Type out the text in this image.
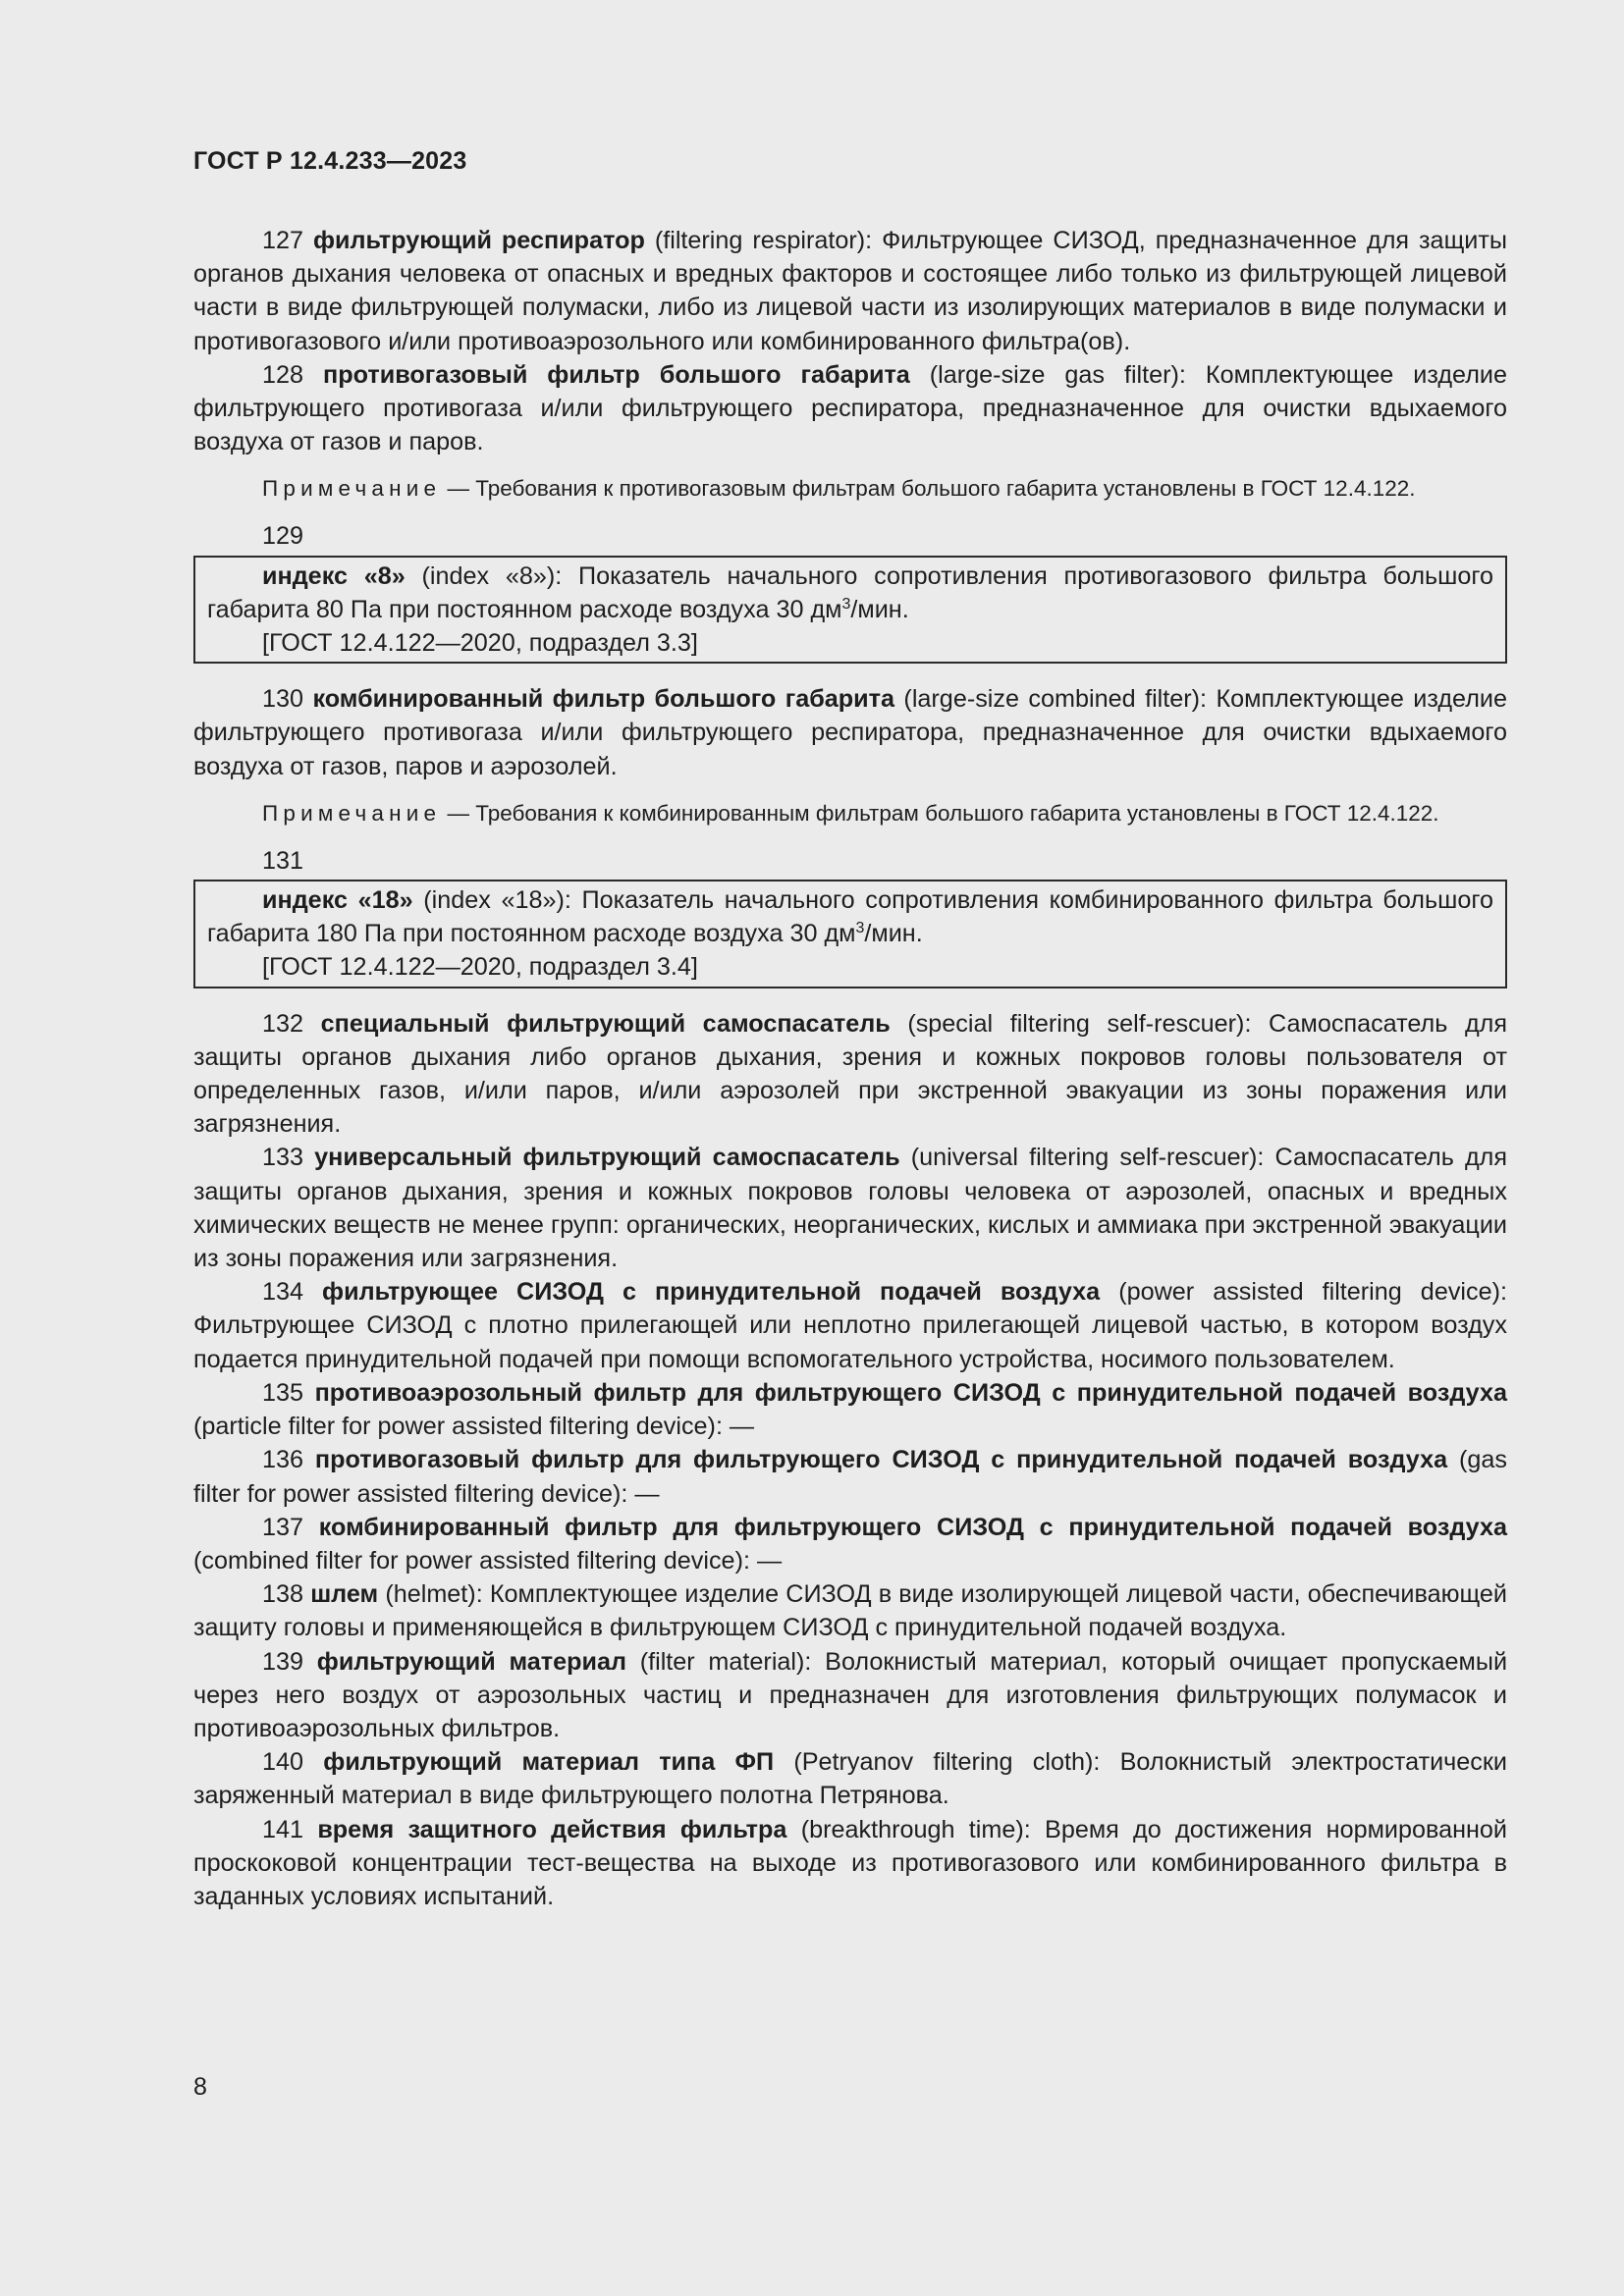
ГОСТ Р 12.4.233—2023

127 фильтрующий респиратор (filtering respirator): Фильтрующее СИЗОД, предназначенное для защиты органов дыхания человека от опасных и вредных факторов и состоящее либо только из фильтрующей лицевой части в виде фильтрующей полумаски, либо из лицевой части из изолирующих материалов в виде полумаски и противогазового и/или противоаэрозольного или комбинированного фильтра(ов).

128 противогазовый фильтр большого габарита (large-size gas filter): Комплектующее изделие фильтрующего противогаза и/или фильтрующего респиратора, предназначенное для очистки вдыхаемого воздуха от газов и паров.

Примечание — Требования к противогазовым фильтрам большого габарита установлены в ГОСТ 12.4.122.

129

индекс «8» (index «8»): Показатель начального сопротивления противогазового фильтра большого габарита 80 Па при постоянном расходе воздуха 30 $дм^3$/мин.

[ГОСТ 12.4.122—2020, подраздел 3.3]

130 комбинированный фильтр большого габарита (large-size combined filter): Комплектующее изделие фильтрующего противогаза и/или фильтрующего респиратора, предназначенное для очистки вдыхаемого воздуха от газов, паров и аэрозолей.

Примечание — Требования к комбинированным фильтрам большого габарита установлены в ГОСТ 12.4.122.

131

индекс «18» (index «18»): Показатель начального сопротивления комбинированного фильтра большого габарита 180 Па при постоянном расходе воздуха 30 $дм^3$/мин.

[ГОСТ 12.4.122—2020, подраздел 3.4]

132 специальный фильтрующий самоспасатель (special filtering self-rescuer): Самоспасатель для защиты органов дыхания либо органов дыхания, зрения и кожных покровов головы пользователя от определенных газов, и/или паров, и/или аэрозолей при экстренной эвакуации из зоны поражения или загрязнения.

133 универсальный фильтрующий самоспасатель (universal filtering self-rescuer): Самоспасатель для защиты органов дыхания, зрения и кожных покровов головы человека от аэрозолей, опасных и вредных химических веществ не менее групп: органических, неорганических, кислых и аммиака при экстренной эвакуации из зоны поражения или загрязнения.

134 фильтрующее СИЗОД с принудительной подачей воздуха (power assisted filtering device): Фильтрующее СИЗОД с плотно прилегающей или неплотно прилегающей лицевой частью, в котором воздух подается принудительной подачей при помощи вспомогательного устройства, носимого пользователем.

135 противоаэрозольный фильтр для фильтрующего СИЗОД с принудительной подачей воздуха (particle filter for power assisted filtering device): —

136 противогазовый фильтр для фильтрующего СИЗОД с принудительной подачей воздуха (gas filter for power assisted filtering device): —

137 комбинированный фильтр для фильтрующего СИЗОД с принудительной подачей воздуха (combined filter for power assisted filtering device): —

138 шлем (helmet): Комплектующее изделие СИЗОД в виде изолирующей лицевой части, обеспечивающей защиту головы и применяющейся в фильтрующем СИЗОД с принудительной подачей воздуха.

139 фильтрующий материал (filter material): Волокнистый материал, который очищает пропускаемый через него воздух от аэрозольных частиц и предназначен для изготовления фильтрующих полумасок и противоаэрозольных фильтров.

140 фильтрующий материал типа ФП (Petryanov filtering cloth): Волокнистый электростатически заряженный материал в виде фильтрующего полотна Петрянова.

141 время защитного действия фильтра (breakthrough time): Время до достижения нормированной проскоковой концентрации тест-вещества на выходе из противогазового или комбинированного фильтра в заданных условиях испытаний.

8
